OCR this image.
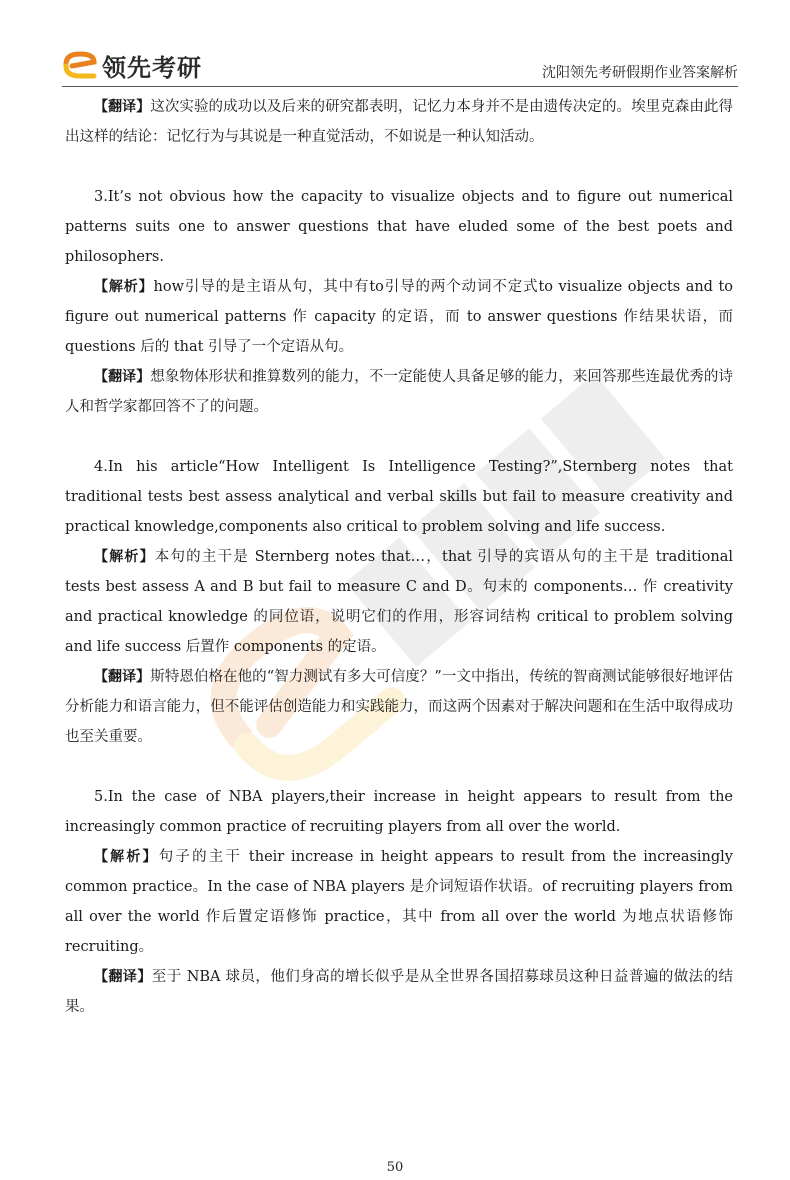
领先考研	沈阳领先考研假期作业答案解析

【翻译】这次实验的成功以及后来的研究都表明，记忆力本身并不是由遗传决定的。埃里克森由此得出这样的结论：记忆行为与其说是一种直觉活动，不如说是一种认知活动。

3.It’s not obvious how the capacity to visualize objects and to figure out numerical patterns suits one to answer questions that have eluded some of the best poets and philosophers.

【解析】how引导的是主语从句，其中有to引导的两个动词不定式to visualize objects and to figure out numerical patterns 作 capacity 的定语，而 to answer questions 作结果状语，而 questions 后的 that 引导了一个定语从句。

【翻译】想象物体形状和推算数列的能力，不一定能使人具备足够的能力，来回答那些连最优秀的诗人和哲学家都回答不了的问题。

4.In his article“How Intelligent Is Intelligence Testing?”,Sternberg notes that traditional tests best assess analytical and verbal skills but fail to measure creativity and practical knowledge,components also critical to problem solving and life success.

【解析】本句的主干是 Sternberg notes that…，that 引导的宾语从句的主干是 traditional tests best assess A and B but fail to measure C and D。句末的 components… 作 creativity and practical knowledge 的同位语，说明它们的作用，形容词结构 critical to problem solving and life success 后置作 components 的定语。

【翻译】斯特恩伯格在他的“智力测试有多大可信度？”一文中指出，传统的智商测试能够很好地评估分析能力和语言能力，但不能评估创造能力和实践能力，而这两个因素对于解决问题和在生活中取得成功也至关重要。

5.In the case of NBA players,their increase in height appears to result from the increasingly common practice of recruiting players from all over the world.

【解析】句子的主干 their increase in height appears to result from the increasingly common practice。In the case of NBA players 是介词短语作状语。of recruiting players from all over the world 作后置定语修饰 practice，其中 from all over the world 为地点状语修饰 recruiting。

【翻译】至于 NBA 球员，他们身高的增长似乎是从全世界各国招募球员这种日益普遍的做法的结果。

50
